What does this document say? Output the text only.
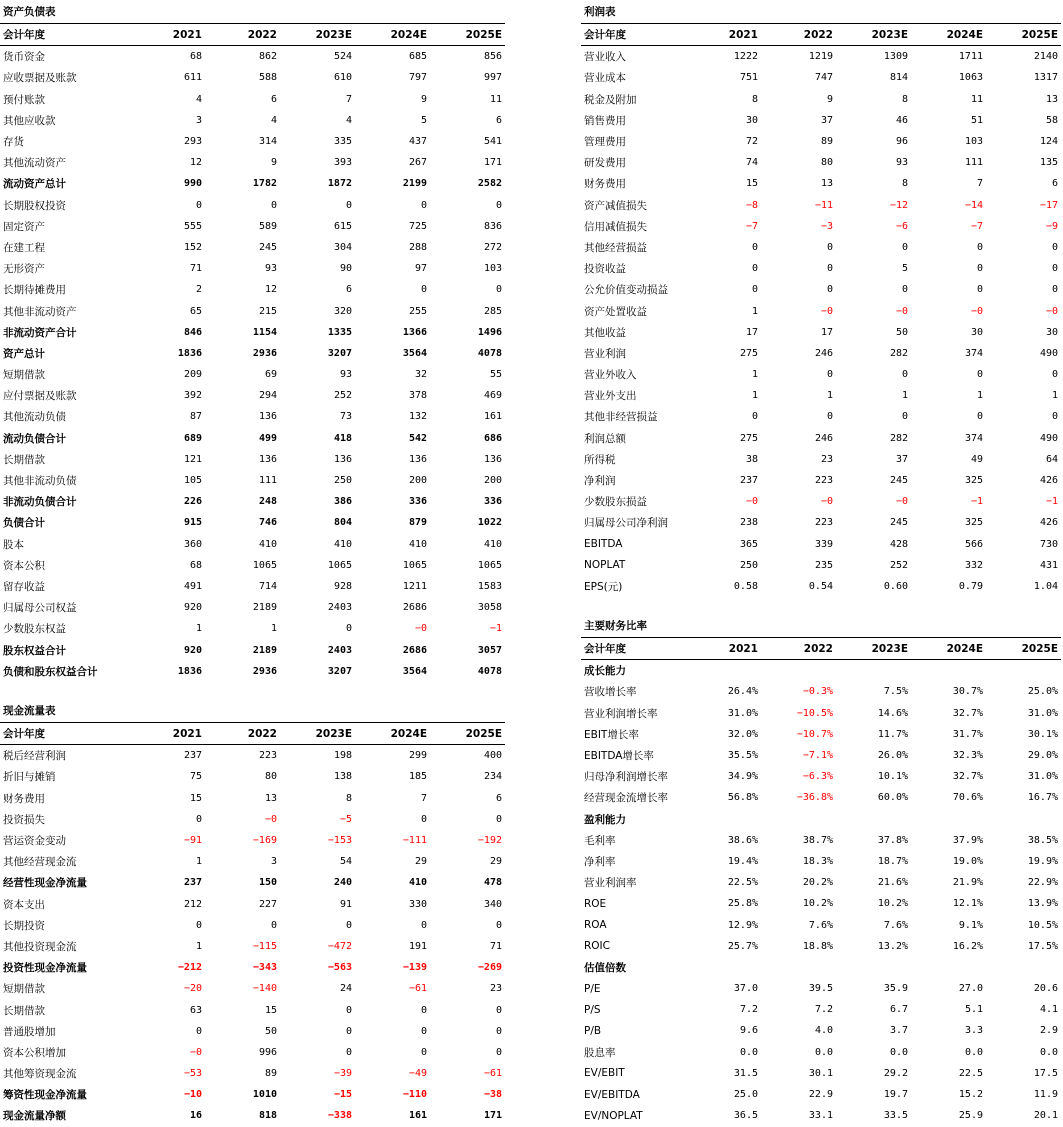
资产负债表
会计年度	2021	2022	2023E	2024E	2025E
货币资金	68	862	524	685	856
应收票据及账款	611	588	610	797	997
预付账款	4	6	7	9	11
其他应收款	3	4	4	5	6
存货	293	314	335	437	541
其他流动资产	12	9	393	267	171
流动资产总计	990	1782	1872	2199	2582
长期股权投资	0	0	0	0	0
固定资产	555	589	615	725	836
在建工程	152	245	304	288	272
无形资产	71	93	90	97	103
长期待摊费用	2	12	6	0	0
其他非流动资产	65	215	320	255	285
非流动资产合计	846	1154	1335	1366	1496
资产总计	1836	2936	3207	3564	4078
短期借款	209	69	93	32	55
应付票据及账款	392	294	252	378	469
其他流动负债	87	136	73	132	161
流动负债合计	689	499	418	542	686
长期借款	121	136	136	136	136
其他非流动负债	105	111	250	200	200
非流动负债合计	226	248	386	336	336
负债合计	915	746	804	879	1022
股本	360	410	410	410	410
资本公积	68	1065	1065	1065	1065
留存收益	491	714	928	1211	1583
归属母公司权益	920	2189	2403	2686	3058
少数股东权益	1	1	0	−0	−1
股东权益合计	920	2189	2403	2686	3057
负债和股东权益合计	1836	2936	3207	3564	4078
现金流量表
会计年度	2021	2022	2023E	2024E	2025E
税后经营利润	237	223	198	299	400
折旧与摊销	75	80	138	185	234
财务费用	15	13	8	7	6
投资损失	0	−0	−5	0	0
营运资金变动	−91	−169	−153	−111	−192
其他经营现金流	1	3	54	29	29
经营性现金净流量	237	150	240	410	478
资本支出	212	227	91	330	340
长期投资	0	0	0	0	0
其他投资现金流	1	−115	−472	191	71
投资性现金净流量	−212	−343	−563	−139	−269
短期借款	−20	−140	24	−61	23
长期借款	63	15	0	0	0
普通股增加	0	50	0	0	0
资本公积增加	−0	996	0	0	0
其他筹资现金流	−53	89	−39	−49	−61
筹资性现金净流量	−10	1010	−15	−110	−38
现金流量净额	16	818	−338	161	171
利润表
会计年度	2021	2022	2023E	2024E	2025E
营业收入	1222	1219	1309	1711	2140
营业成本	751	747	814	1063	1317
税金及附加	8	9	8	11	13
销售费用	30	37	46	51	58
管理费用	72	89	96	103	124
研发费用	74	80	93	111	135
财务费用	15	13	8	7	6
资产减值损失	−8	−11	−12	−14	−17
信用减值损失	−7	−3	−6	−7	−9
其他经营损益	0	0	0	0	0
投资收益	0	0	5	0	0
公允价值变动损益	0	0	0	0	0
资产处置收益	1	−0	−0	−0	−0
其他收益	17	17	50	30	30
营业利润	275	246	282	374	490
营业外收入	1	0	0	0	0
营业外支出	1	1	1	1	1
其他非经营损益	0	0	0	0	0
利润总额	275	246	282	374	490
所得税	38	23	37	49	64
净利润	237	223	245	325	426
少数股东损益	−0	−0	−0	−1	−1
归属母公司净利润	238	223	245	325	426
EBITDA	365	339	428	566	730
NOPLAT	250	235	252	332	431
EPS(元)	0.58	0.54	0.60	0.79	1.04
主要财务比率
会计年度	2021	2022	2023E	2024E	2025E
成长能力					
营收增长率	26.4%	−0.3%	7.5%	30.7%	25.0%
营业利润增长率	31.0%	−10.5%	14.6%	32.7%	31.0%
EBIT增长率	32.0%	−10.7%	11.7%	31.7%	30.1%
EBITDA增长率	35.5%	−7.1%	26.0%	32.3%	29.0%
归母净利润增长率	34.9%	−6.3%	10.1%	32.7%	31.0%
经营现金流增长率	56.8%	−36.8%	60.0%	70.6%	16.7%
盈利能力					
毛利率	38.6%	38.7%	37.8%	37.9%	38.5%
净利率	19.4%	18.3%	18.7%	19.0%	19.9%
营业利润率	22.5%	20.2%	21.6%	21.9%	22.9%
ROE	25.8%	10.2%	10.2%	12.1%	13.9%
ROA	12.9%	7.6%	7.6%	9.1%	10.5%
ROIC	25.7%	18.8%	13.2%	16.2%	17.5%
估值倍数					
P/E	37.0	39.5	35.9	27.0	20.6
P/S	7.2	7.2	6.7	5.1	4.1
P/B	9.6	4.0	3.7	3.3	2.9
股息率	0.0	0.0	0.0	0.0	0.0
EV/EBIT	31.5	30.1	29.2	22.5	17.5
EV/EBITDA	25.0	22.9	19.7	15.2	11.9
EV/NOPLAT	36.5	33.1	33.5	25.9	20.1
